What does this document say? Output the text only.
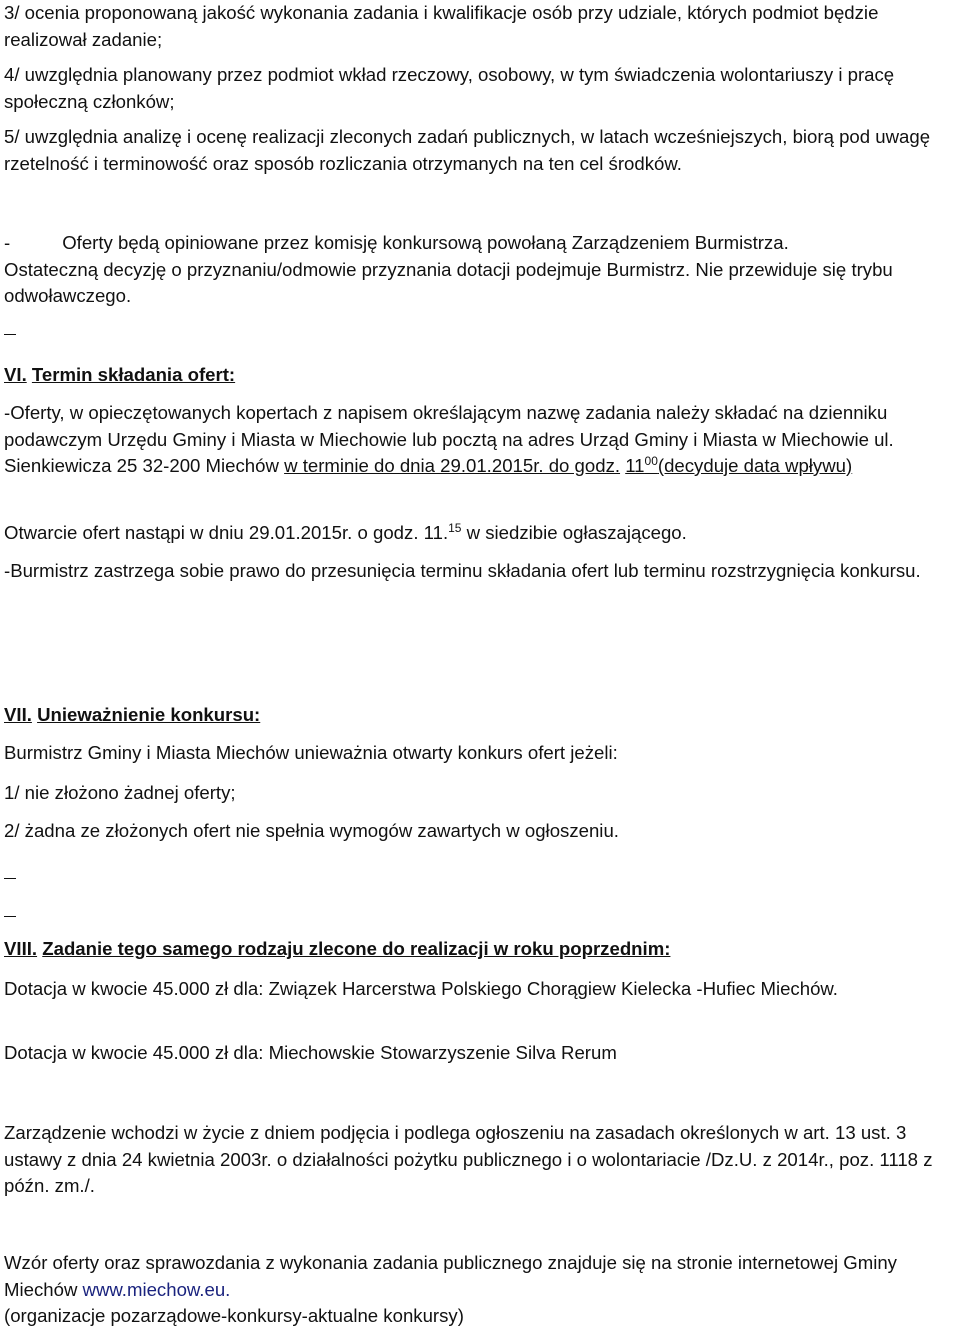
3/ ocenia proponowaną jakość wykonania zadania i kwalifikacje osób przy udziale, których podmiot będzie realizował zadanie;

4/ uwzględnia planowany przez podmiot wkład rzeczowy, osobowy, w tym świadczenia wolontariuszy i pracę społeczną członków;

5/ uwzględnia analizę i ocenę realizacji zleconych zadań publicznych, w latach wcześniejszych, biorą pod uwagę rzetelność i terminowość oraz sposób rozliczania otrzymanych na ten cel środków.

-	Oferty będą opiniowane przez komisję konkursową powołaną Zarządzeniem Burmistrza.
Ostateczną decyzję o przyznaniu/odmowie przyznania dotacji podejmuje Burmistrz. Nie przewiduje się trybu odwoławczego.

VI. Termin składania ofert:

-Oferty, w opieczętowanych kopertach z napisem określającym nazwę zadania należy składać na dzienniku podawczym Urzędu Gminy i Miasta w Miechowie lub pocztą na adres Urząd Gminy i Miasta w Miechowie ul. Sienkiewicza 25 32-200 Miechów w terminie do dnia 29.01.2015r. do godz. $11^{00}(decyduje$ data wpływu)

Otwarcie ofert nastąpi w dniu 29.01.2015r. o godz. 11.15 w siedzibie ogłaszającego.

-Burmistrz zastrzega sobie prawo do przesunięcia terminu składania ofert lub terminu rozstrzygnięcia konkursu.

VII. Unieważnienie konkursu:

Burmistrz Gminy i Miasta Miechów unieważnia otwarty konkurs ofert jeżeli:

1/ nie złożono żadnej oferty;

2/ żadna ze złożonych ofert nie spełnia wymogów zawartych w ogłoszeniu.

VIII. Zadanie tego samego rodzaju zlecone do realizacji w roku poprzednim:

Dotacja w kwocie 45.000 zł dla: Związek Harcerstwa Polskiego Chorągiew Kielecka -Hufiec Miechów.

Dotacja w kwocie 45.000 zł dla: Miechowskie Stowarzyszenie Silva Rerum

Zarządzenie wchodzi w życie z dniem podjęcia i podlega ogłoszeniu na zasadach określonych w art. 13 ust. 3 ustawy z dnia 24 kwietnia 2003r. o działalności pożytku publicznego i o wolontariacie /Dz.U. z 2014r., poz. 1118 z późn. zm./.

Wzór oferty oraz sprawozdania z wykonania zadania publicznego znajduje się na stronie internetowej Gminy Miechów www.miechow.eu.
(organizacje pozarządowe-konkursy-aktualne konkursy)
